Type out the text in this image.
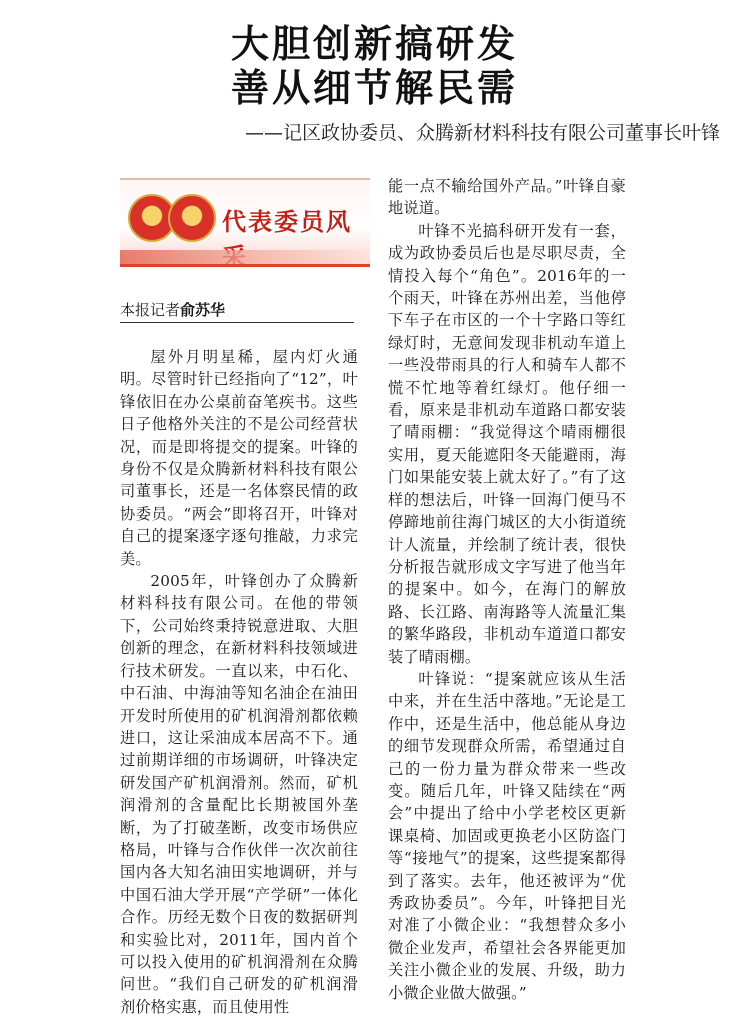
大胆创新搞研发
善从细节解民需
——记区政协委员、众腾新材料科技有限公司董事长叶锋
代表委员风
本报记者俞苏华

屋外月明星稀，屋内灯火通明。尽管时针已经指向了“12”，叶锋依旧在办公桌前奋笔疾书。这些日子他格外关注的不是公司经营状况，而是即将提交的提案。叶锋的身份不仅是众腾新材料科技有限公司董事长，还是一名体察民情的政协委员。“两会”即将召开，叶锋对自己的提案逐字逐句推敲，力求完美。

2005年，叶锋创办了众腾新材料科技有限公司。在他的带领下，公司始终秉持锐意进取、大胆创新的理念，在新材料科技领域进行技术研发。一直以来，中石化、中石油、中海油等知名油企在油田开发时所使用的矿机润滑剂都依赖进口，这让采油成本居高不下。通过前期详细的市场调研，叶锋决定研发国产矿机润滑剂。然而，矿机润滑剂的含量配比长期被国外垄断，为了打破垄断，改变市场供应格局，叶锋与合作伙伴一次次前往国内各大知名油田实地调研，并与中国石油大学开展“产学研”一体化合作。历经无数个日夜的数据研判和实验比对，2011年，国内首个可以投入使用的矿机润滑剂在众腾问世。“我们自己研发的矿机润滑剂价格实惠，而且使用性

能一点不输给国外产品。”叶锋自豪地说道。

叶锋不光搞科研开发有一套，成为政协委员后也是尽职尽责，全情投入每个“角色”。2016年的一个雨天，叶锋在苏州出差，当他停下车子在市区的一个十字路口等红绿灯时，无意间发现非机动车道上一些没带雨具的行人和骑车人都不慌不忙地等着红绿灯。他仔细一看，原来是非机动车道路口都安装了晴雨棚：“我觉得这个晴雨棚很实用，夏天能遮阳冬天能避雨，海门如果能安装上就太好了。”有了这样的想法后，叶锋一回海门便马不停蹄地前往海门城区的大小街道统计人流量，并绘制了统计表，很快分析报告就形成文字写进了他当年的提案中。如今，在海门的解放路、长江路、南海路等人流量汇集的繁华路段，非机动车道道口都安装了晴雨棚。

叶锋说：“提案就应该从生活中来，并在生活中落地。”无论是工作中，还是生活中，他总能从身边的细节发现群众所需，希望通过自己的一份力量为群众带来一些改变。随后几年，叶锋又陆续在“两会”中提出了给中小学老校区更新课桌椅、加固或更换老小区防盗门等“接地气”的提案，这些提案都得到了落实。去年，他还被评为“优秀政协委员”。今年，叶锋把目光对准了小微企业：“我想替众多小微企业发声，希望社会各界能更加关注小微企业的发展、升级，助力小微企业做大做强。”
